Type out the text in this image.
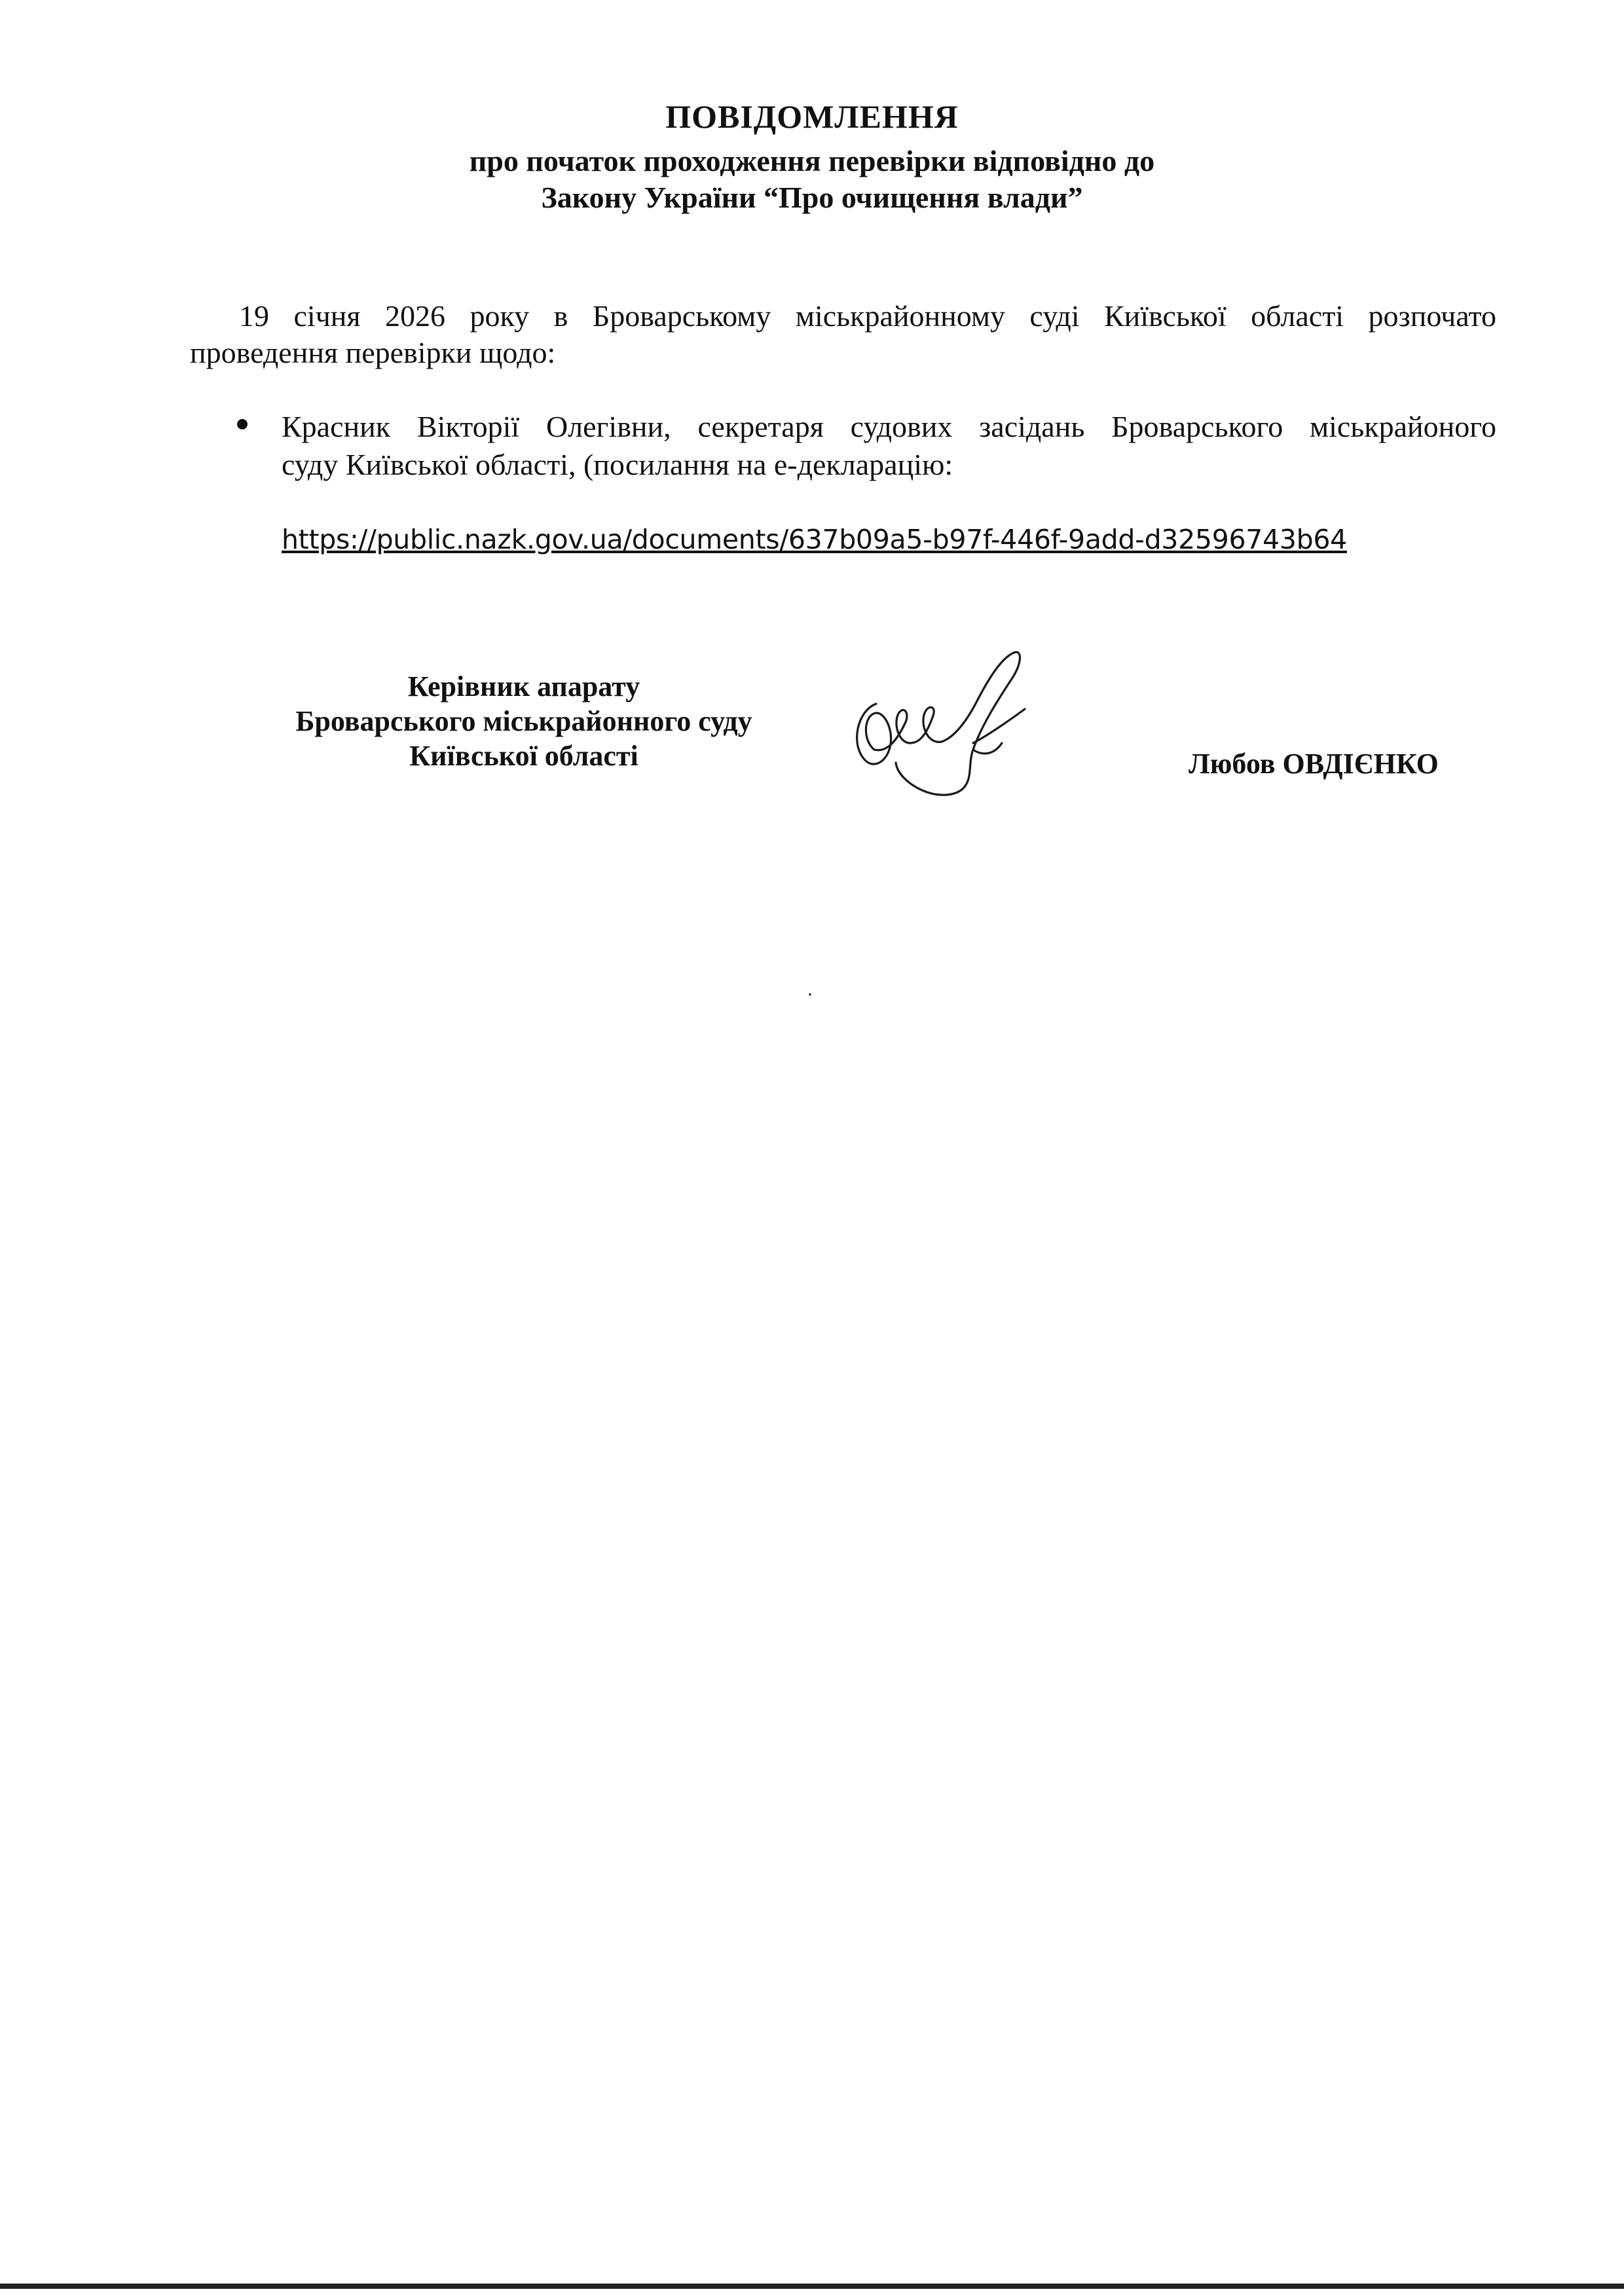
ПОВІДОМЛЕННЯ
про початок проходження перевірки відповідно до
Закону України “Про очищення влади”
19 січня 2026 року в Броварському міськрайонному суді Київської області розпочато
проведення перевірки щодо:
Красник Вікторії Олегівни, секретаря судових засідань Броварського міськрайоного
суду Київської області, (посилання на е-декларацію:
https://public.nazk.gov.ua/documents/637b09a5-b97f-446f-9add-d32596743b64
Керівник апарату
Броварського міськрайонного суду
Київської області	Любов ОВДІЄНКО
